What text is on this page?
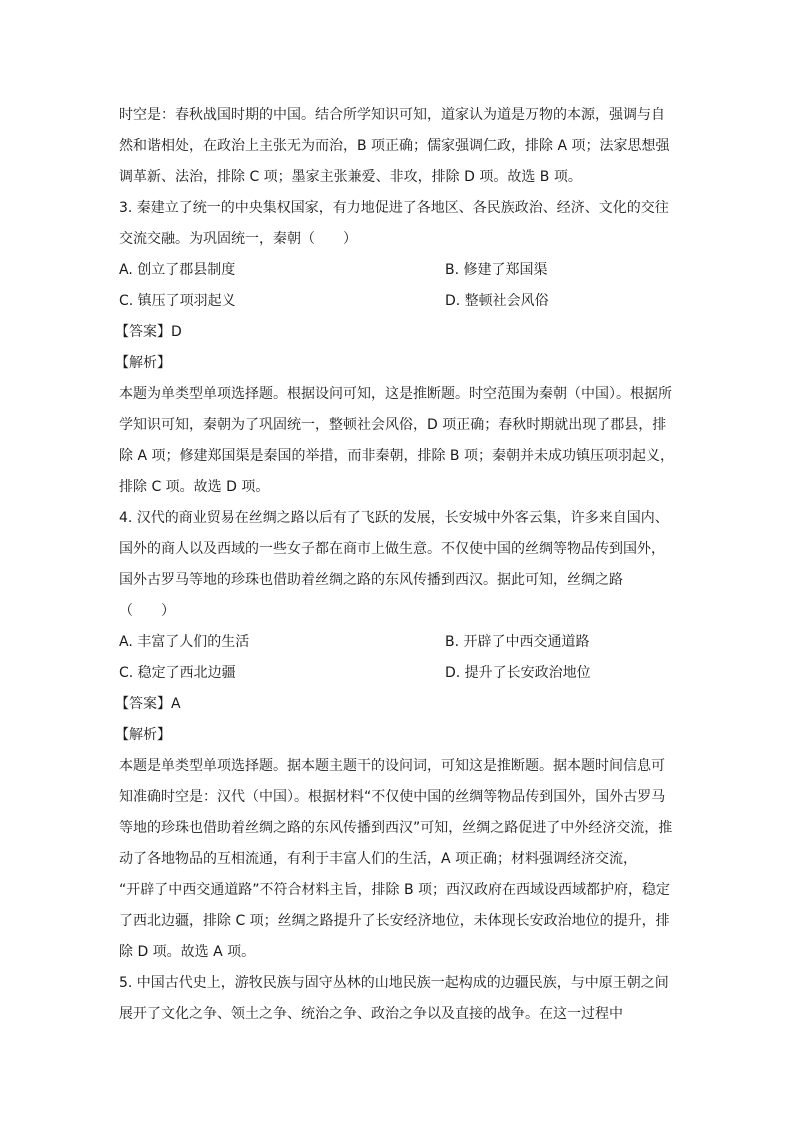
时空是：春秋战国时期的中国。结合所学知识可知，道家认为道是万物的本源，强调与自
然和谐相处，在政治上主张无为而治，B 项正确；儒家强调仁政，排除 A 项；法家思想强
调革新、法治，排除 C 项；墨家主张兼爱、非攻，排除 D 项。故选 B 项。
3. 秦建立了统一的中央集权国家，有力地促进了各地区、各民族政治、经济、文化的交往
交流交融。为巩固统一，秦朝（　　）
A. 创立了郡县制度	B. 修建了郑国渠
C. 镇压了项羽起义	D. 整顿社会风俗
【答案】D
【解析】
本题为单类型单项选择题。根据设问可知，这是推断题。时空范围为秦朝（中国）。根据所
学知识可知，秦朝为了巩固统一，整顿社会风俗，D 项正确；春秋时期就出现了郡县，排
除 A 项；修建郑国渠是秦国的举措，而非秦朝，排除 B 项；秦朝并未成功镇压项羽起义，
排除 C 项。故选 D 项。
4. 汉代的商业贸易在丝绸之路以后有了飞跃的发展，长安城中外客云集，许多来自国内、
国外的商人以及西域的一些女子都在商市上做生意。不仅使中国的丝绸等物品传到国外，
国外古罗马等地的珍珠也借助着丝绸之路的东风传播到西汉。据此可知，丝绸之路
（　　）
A. 丰富了人们的生活	B. 开辟了中西交通道路
C. 稳定了西北边疆	D. 提升了长安政治地位
【答案】A
【解析】
本题是单类型单项选择题。据本题主题干的设问词，可知这是推断题。据本题时间信息可
知准确时空是：汉代（中国）。根据材料“不仅使中国的丝绸等物品传到国外，国外古罗马
等地的珍珠也借助着丝绸之路的东风传播到西汉”可知，丝绸之路促进了中外经济交流，推
动了各地物品的互相流通，有利于丰富人们的生活，A 项正确；材料强调经济交流，
“开辟了中西交通道路”不符合材料主旨，排除 B 项；西汉政府在西域设西域都护府，稳定
了西北边疆，排除 C 项；丝绸之路提升了长安经济地位，未体现长安政治地位的提升，排
除 D 项。故选 A 项。
5. 中国古代史上，游牧民族与固守丛林的山地民族一起构成的边疆民族，与中原王朝之间
展开了文化之争、领土之争、统治之争、政治之争以及直接的战争。在这一过程中
